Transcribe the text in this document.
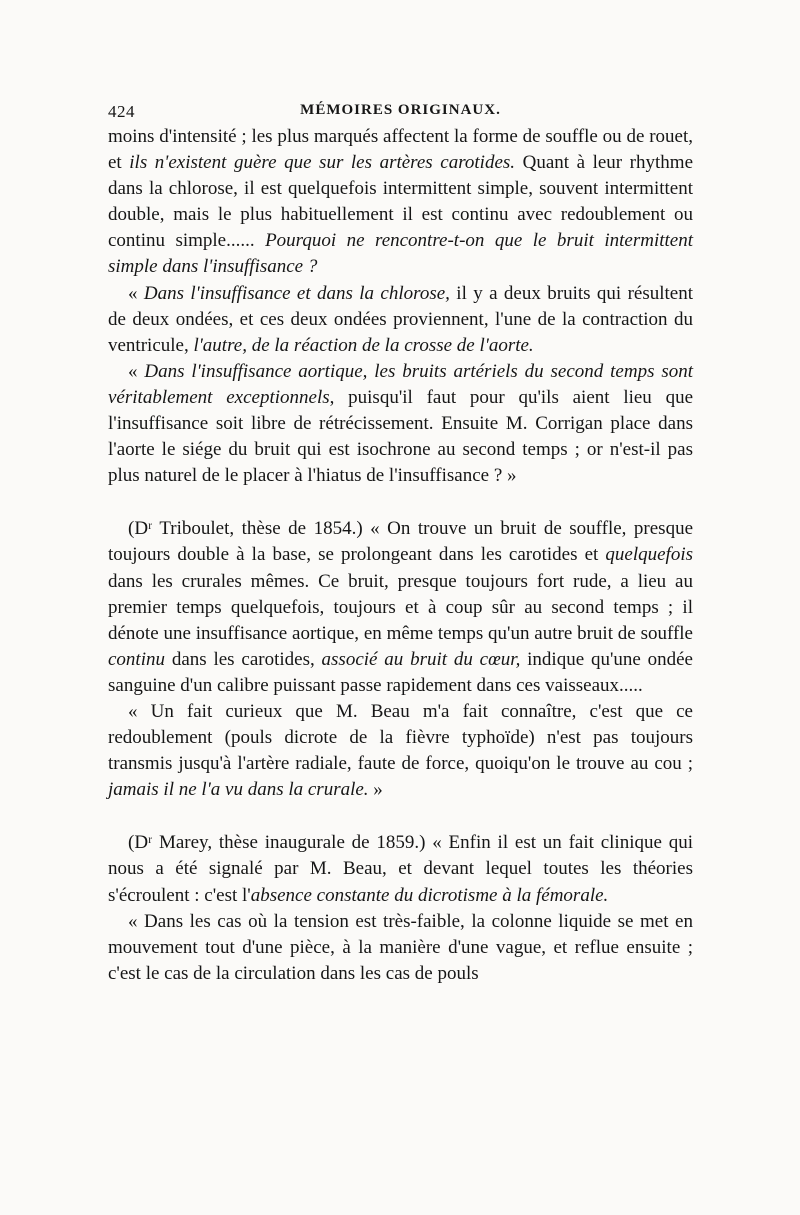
424	MÉMOIRES ORIGINAUX.

moins d'intensité ; les plus marqués affectent la forme de souffle ou de rouet, et ils n'existent guère que sur les artères carotides. Quant à leur rhythme dans la chlorose, il est quelquefois intermittent simple, souvent intermittent double, mais le plus habituellement il est continu avec redoublement ou continu simple...... Pourquoi ne rencontre-t-on que le bruit intermittent simple dans l'insuffisance ?

« Dans l'insuffisance et dans la chlorose, il y a deux bruits qui résultent de deux ondées, et ces deux ondées proviennent, l'une de la contraction du ventricule, l'autre, de la réaction de la crosse de l'aorte.

« Dans l'insuffisance aortique, les bruits artériels du second temps sont véritablement exceptionnels, puisqu'il faut pour qu'ils aient lieu que l'insuffisance soit libre de rétrécissement. Ensuite M. Corrigan place dans l'aorte le siége du bruit qui est isochrone au second temps ; or n'est-il pas plus naturel de le placer à l'hiatus de l'insuffisance ? »

(Dʳ Triboulet, thèse de 1854.) « On trouve un bruit de souffle, presque toujours double à la base, se prolongeant dans les carotides et quelquefois dans les crurales mêmes. Ce bruit, presque toujours fort rude, a lieu au premier temps quelquefois, toujours et à coup sûr au second temps ; il dénote une insuffisance aortique, en même temps qu'un autre bruit de souffle continu dans les carotides, associé au bruit du cœur, indique qu'une ondée sanguine d'un calibre puissant passe rapidement dans ces vaisseaux.....

« Un fait curieux que M. Beau m'a fait connaître, c'est que ce redoublement (pouls dicrote de la fièvre typhoïde) n'est pas toujours transmis jusqu'à l'artère radiale, faute de force, quoiqu'on le trouve au cou ; jamais il ne l'a vu dans la crurale. »

(Dʳ Marey, thèse inaugurale de 1859.) « Enfin il est un fait clinique qui nous a été signalé par M. Beau, et devant lequel toutes les théories s'écroulent : c'est l'absence constante du dicrotisme à la fémorale.

« Dans les cas où la tension est très-faible, la colonne liquide se met en mouvement tout d'une pièce, à la manière d'une vague, et reflue ensuite ; c'est le cas de la circulation dans les cas de pouls
